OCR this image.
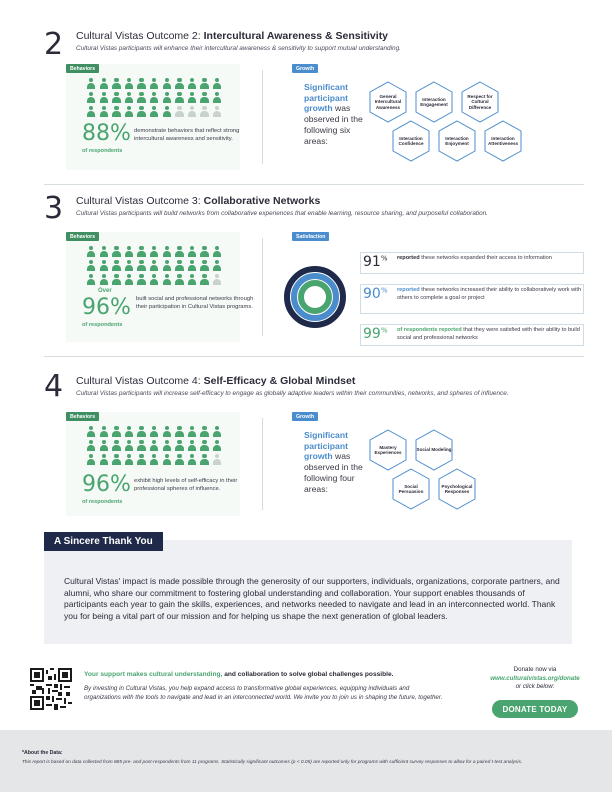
2 Cultural Vistas Outcome 2: Intercultural Awareness & Sensitivity
Cultural Vistas participants will enhance their intercultural awareness & sensitivity to support mutual understanding.
Behaviors
88%
of respondents
demonstrate behaviors that reflect strong intercultural awareness and sensitivity.
Growth
Significant participant growth was observed in the following six areas:
General Intercultural Awareness
Interaction Engagement
Respect for Cultural Difference
Interaction Confidence
Interaction Enjoyment
Interaction Attentiveness
3 Cultural Vistas Outcome 3: Collaborative Networks
Cultural Vistas participants will build networks from collaborative experiences that enable learning, resource sharing, and purposeful collaboration.
Behaviors
Over
96%
of respondents
built social and professional networks through their participation in Cultural Vistas programs.
Satisfaction
91% reported these networks expanded their access to information
90% reported these networks increased their ability to collaboratively work with others to complete a goal or project
99% of respondents reported that they were satisfied with their ability to build social and professional networks
4 Cultural Vistas Outcome 4: Self-Efficacy & Global Mindset
Cultural Vistas participants will increase self-efficacy to engage as globally adaptive leaders within their communities, networks, and spheres of influence.
Behaviors
96%
of respondents
exhibit high levels of self-efficacy in their professional spheres of influence.
Growth
Significant participant growth was observed in the following four areas:
Mastery Experiences
Social Modeling
Social Persuasion
Psychological Responses
A Sincere Thank You
Cultural Vistas' impact is made possible through the generosity of our supporters, individuals, organizations, corporate partners, and alumni, who share our commitment to fostering global understanding and collaboration. Your support enables thousands of participants each year to gain the skills, experiences, and networks needed to navigate and lead in an interconnected world. Thank you for being a vital part of our mission and for helping us shape the next generation of global leaders.
Your support makes cultural understanding, and collaboration to solve global challenges possible.
By investing in Cultural Vistas, you help expand access to transformative global experiences, equipping individuals and organizations with the tools to navigate and lead in an interconnected world. We invite you to join us in shaping the future, together.
Donate now via
www.culturalvistas.org/donate
or click below:
DONATE TODAY
*About the Data:
This report is based on data collected from 885 pre- and post-respondents from 11 programs. Statistically significant outcomes (p < 0.05) are reported only for programs with sufficient survey responses to allow for a paired t-test analysis.
